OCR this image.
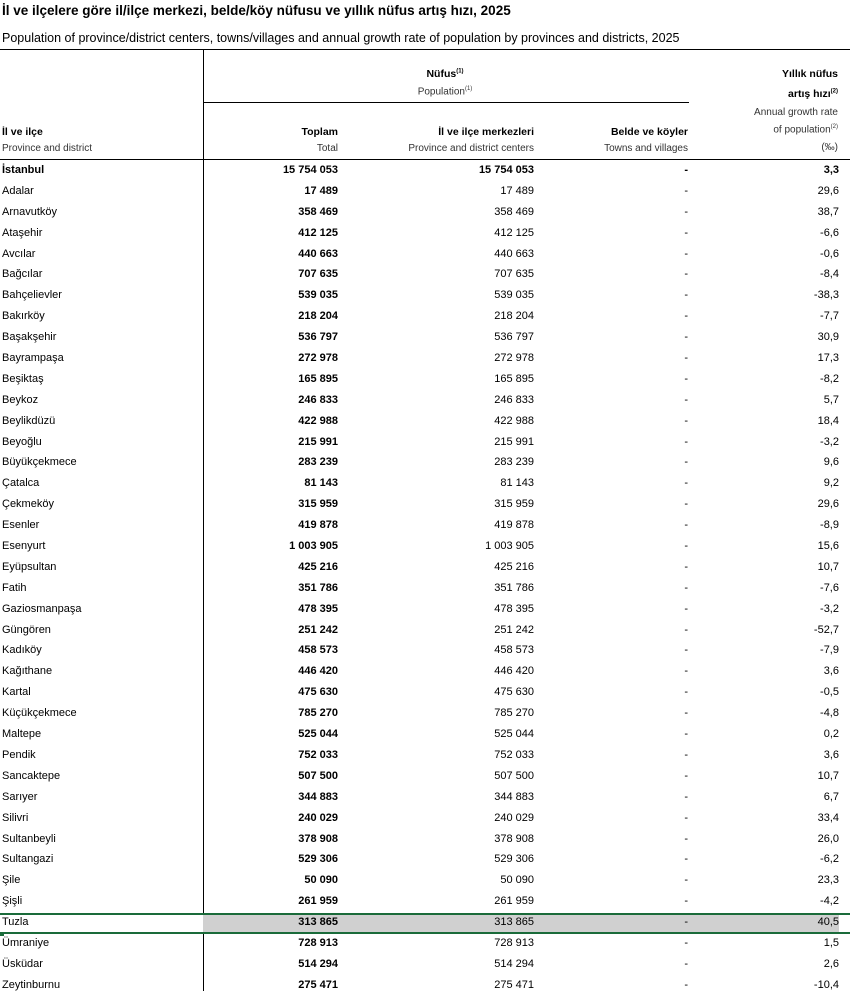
İl ve ilçelere göre il/ilçe merkezi, belde/köy nüfusu ve yıllık nüfus artış hızı, 2025
Population of province/district centers, towns/villages and annual growth rate of population by provinces and districts, 2025
Nüfus$^{(1)}$
Population$^{(1)}$
Yıllık nüfus
artış hızı$^{(2)}$
Annual growth rate
of population$^{(2)}$
(‰)
İl ve ilçe
Province and district
Toplam
Total
İl ve ilçe merkezleri
Province and district centers
Belde ve köyler
Towns and villages
İstanbul	15 754 053	15 754 053	-	3,3
Adalar	17 489	17 489	-	29,6
Arnavutköy	358 469	358 469	-	38,7
Ataşehir	412 125	412 125	-	-6,6
Avcılar	440 663	440 663	-	-0,6
Bağcılar	707 635	707 635	-	-8,4
Bahçelievler	539 035	539 035	-	-38,3
Bakırköy	218 204	218 204	-	-7,7
Başakşehir	536 797	536 797	-	30,9
Bayrampaşa	272 978	272 978	-	17,3
Beşiktaş	165 895	165 895	-	-8,2
Beykoz	246 833	246 833	-	5,7
Beylikdüzü	422 988	422 988	-	18,4
Beyoğlu	215 991	215 991	-	-3,2
Büyükçekmece	283 239	283 239	-	9,6
Çatalca	81 143	81 143	-	9,2
Çekmeköy	315 959	315 959	-	29,6
Esenler	419 878	419 878	-	-8,9
Esenyurt	1 003 905	1 003 905	-	15,6
Eyüpsultan	425 216	425 216	-	10,7
Fatih	351 786	351 786	-	-7,6
Gaziosmanpaşa	478 395	478 395	-	-3,2
Güngören	251 242	251 242	-	-52,7
Kadıköy	458 573	458 573	-	-7,9
Kağıthane	446 420	446 420	-	3,6
Kartal	475 630	475 630	-	-0,5
Küçükçekmece	785 270	785 270	-	-4,8
Maltepe	525 044	525 044	-	0,2
Pendik	752 033	752 033	-	3,6
Sancaktepe	507 500	507 500	-	10,7
Sarıyer	344 883	344 883	-	6,7
Silivri	240 029	240 029	-	33,4
Sultanbeyli	378 908	378 908	-	26,0
Sultangazi	529 306	529 306	-	-6,2
Şile	50 090	50 090	-	23,3
Şişli	261 959	261 959	-	-4,2
Tuzla	313 865	313 865	-	40,5
Ümraniye	728 913	728 913	-	1,5
Üsküdar	514 294	514 294	-	2,6
Zeytinburnu	275 471	275 471	-	-10,4
